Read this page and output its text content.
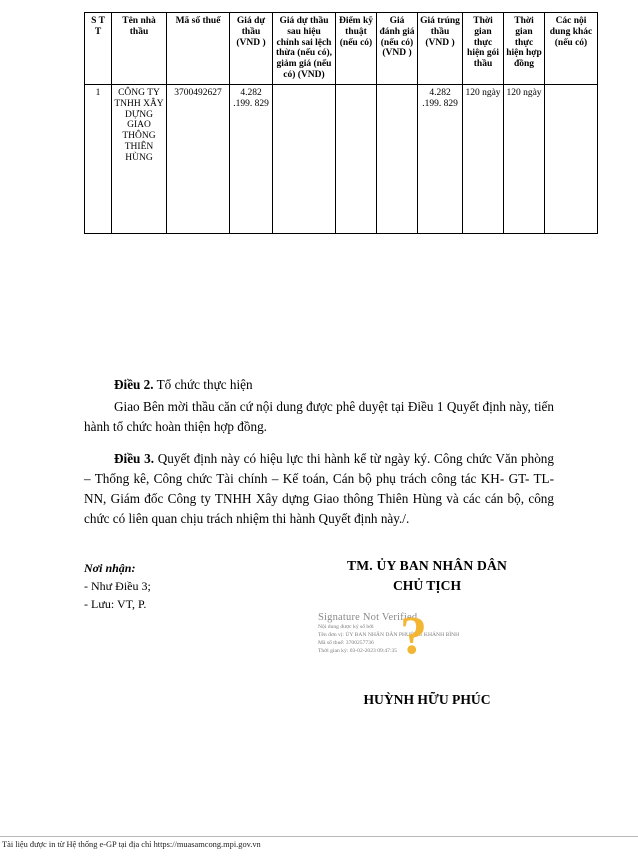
S T T	Tên nhà thầu	Mã số thuế	Giá dự thầu (VND )	Giá dự thầu sau hiệu chỉnh sai lệch thừa (nếu có), giảm giá (nếu có) (VND)	Điểm kỹ thuật (nếu có)	Giá đánh giá (nếu có) (VND )	Giá trúng thầu (VND )	Thời gian thực hiện gói thầu	Thời gian thực hiện hợp đồng	Các nội dung khác (nếu có)
1	CÔNG TY TNHH XÂY DỰNG GIAO THÔNG THIÊN HÙNG	3700492627	4.282 .199. 829				4.282 .199. 829	120 ngày	120 ngày	

Điều 2. Tổ chức thực hiện

Giao Bên mời thầu căn cứ nội dung được phê duyệt tại Điều 1 Quyết định này, tiến hành tổ chức hoàn thiện hợp đồng.

Điều 3. Quyết định này có hiệu lực thi hành kể từ ngày ký. Công chức Văn phòng – Thống kê, Công chức Tài chính – Kế toán, Cán bộ phụ trách công tác KH- GT- TL- NN, Giám đốc Công ty TNHH Xây dựng Giao thông Thiên Hùng và các cán bộ, công chức có liên quan chịu trách nhiệm thi hành Quyết định này./.

Nơi nhận:
- Như Điều 3;
- Lưu: VT, P.
TM. ỦY BAN NHÂN DÂN
CHỦ TỊCH
Signature Not Verified
Nội dung được ký số bởi
Tên đơn vị: ỦY BAN NHÂN DÂN PHƯỜNG KHÁNH BÌNH
Mã số thuế: 3700257736
Thời gian ký: 03-02-2023 09:47:35 ?
HUỲNH HỮU PHÚC
Tài liệu được in từ Hệ thống e-GP tại địa chỉ https://muasamcong.mpi.gov.vn
